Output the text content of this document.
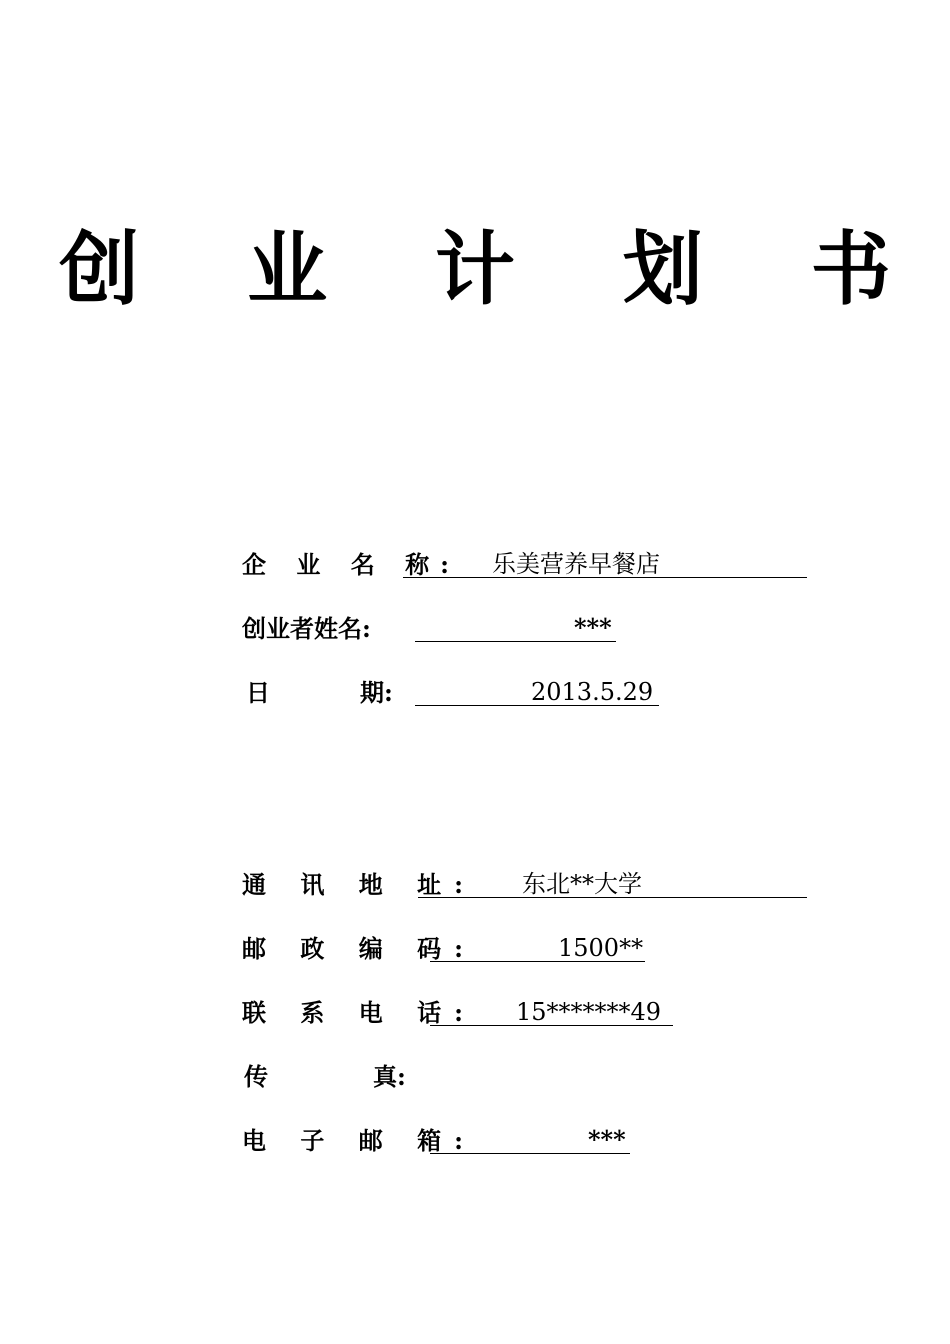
创 业 计 划 书
企 业 名 称: 乐美营养早餐店
创业者姓名:	***
日	期:	2013.5.29
通 讯 地 址: 东北**大学
邮 政 编 码:	1500**
联 系 电 话: 15*******49
传	真:
电 子 邮 箱:	***
